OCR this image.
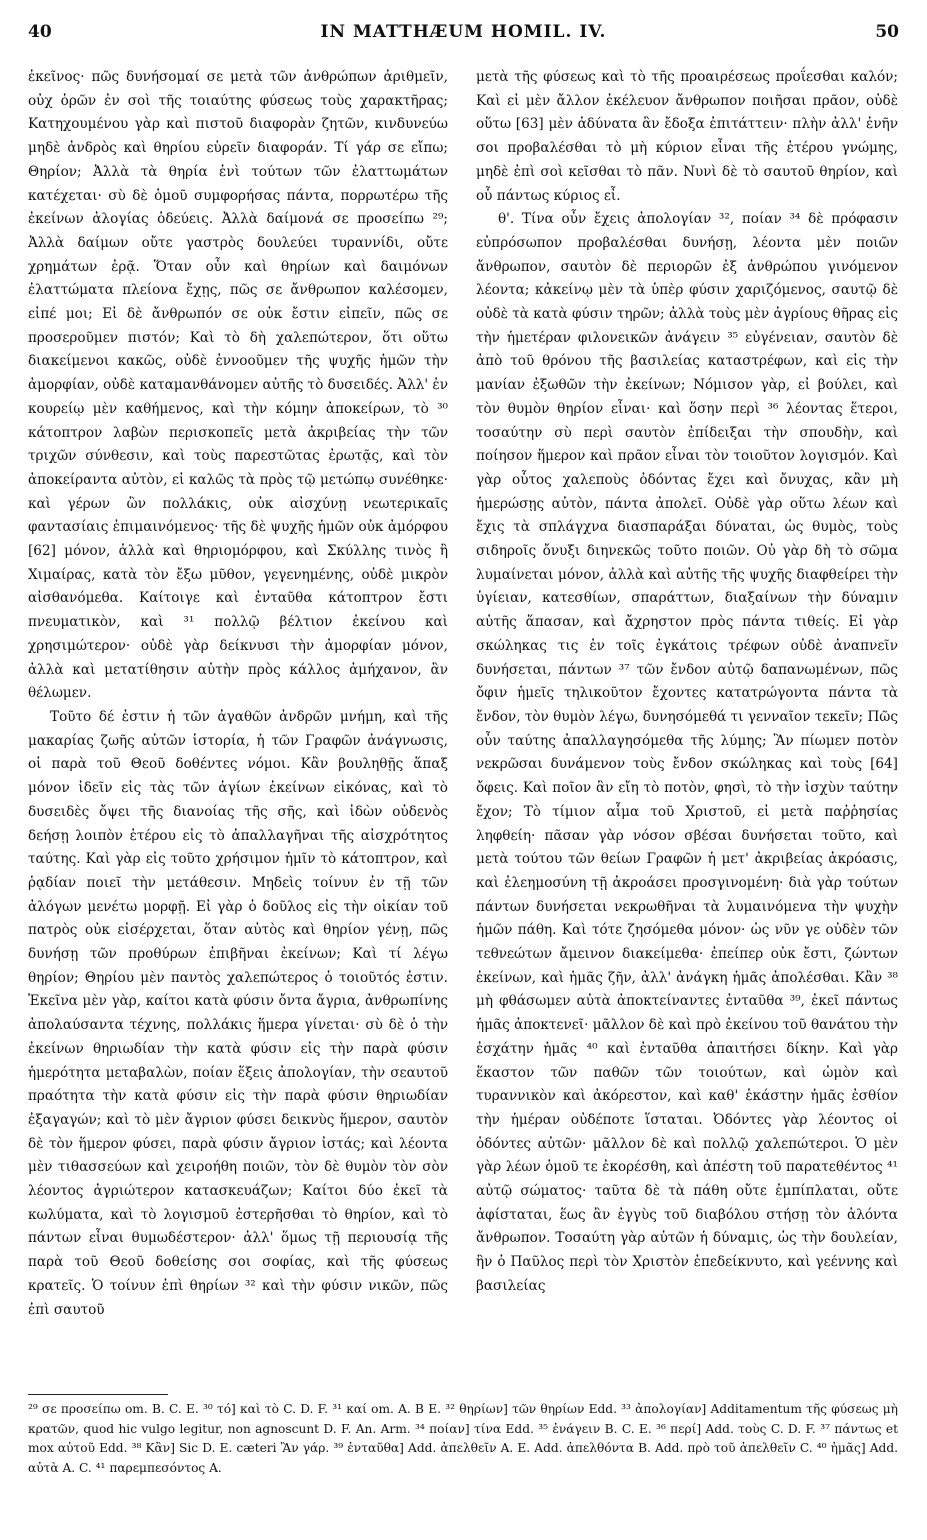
40	IN MATTHÆUM HOMIL. IV.	50

ἐκεῖνος· πῶς δυνήσομαί σε μετὰ τῶν ἀνθρώπων ἀριθμεῖν, οὐχ ὁρῶν ἐν σοὶ τῆς τοιαύτης φύσεως τοὺς χαρακτῆρας; Κατηχουμένου γὰρ καὶ πιστοῦ διαφορὰν ζητῶν, κινδυνεύω μηδὲ ἀνδρὸς καὶ θηρίου εὑρεῖν διαφοράν. Τί γάρ σε εἴπω; Θηρίον; Ἀλλὰ τὰ θηρία ἑνὶ τούτων τῶν ἐλαττωμάτων κατέχεται· σὺ δὲ ὁμοῦ συμφορήσας πάντα, πορρωτέρω τῆς ἐκείνων ἀλογίας ὁδεύεις. Ἀλλὰ δαίμονά σε προσείπω ²⁹; Ἀλλὰ δαίμων οὔτε γαστρὸς δουλεύει τυραννίδι, οὔτε χρημάτων ἐρᾷ. Ὅταν οὖν καὶ θηρίων καὶ δαιμόνων ἐλαττώματα πλείονα ἔχῃς, πῶς σε ἄνθρωπον καλέσομεν, εἰπέ μοι; Εἰ δὲ ἄνθρωπόν σε οὐκ ἔστιν εἰπεῖν, πῶς σε προσεροῦμεν πιστόν; Καὶ τὸ δὴ χαλεπώτερον, ὅτι οὕτω διακείμενοι κακῶς, οὐδὲ ἐννοοῦμεν τῆς ψυχῆς ἡμῶν τὴν ἀμορφίαν, οὐδὲ καταμανθάνομεν αὐτῆς τὸ δυσειδές. Ἀλλ' ἐν κουρείῳ μὲν καθήμενος, καὶ τὴν κόμην ἀποκείρων, τὸ ³⁰ κάτοπτρον λαβὼν περισκοπεῖς μετὰ ἀκριβείας τὴν τῶν τριχῶν σύνθεσιν, καὶ τοὺς παρεστῶτας ἐρωτᾷς, καὶ τὸν ἀποκείραντα αὐτὸν, εἰ καλῶς τὰ πρὸς τῷ μετώπῳ συνέθηκε· καὶ γέρων ὢν πολλάκις, οὐκ αἰσχύνῃ νεωτερικαῖς φαντασίαις ἐπιμαινόμενος· τῆς δὲ ψυχῆς ἡμῶν οὐκ ἀμόρφου [62] μόνον, ἀλλὰ καὶ θηριομόρφου, καὶ Σκύλλης τινὸς ἢ Χιμαίρας, κατὰ τὸν ἔξω μῦθον, γεγενημένης, οὐδὲ μικρὸν αἰσθανόμεθα. Καίτοιγε καὶ ἐνταῦθα κάτοπτρον ἔστι πνευματικὸν, καὶ ³¹ πολλῷ βέλτιον ἐκείνου καὶ χρησιμώτερον· οὐδὲ γὰρ δείκνυσι τὴν ἀμορφίαν μόνον, ἀλλὰ καὶ μετατίθησιν αὐτὴν πρὸς κάλλος ἀμήχανον, ἂν θέλωμεν.

Τοῦτο δέ ἐστιν ἡ τῶν ἀγαθῶν ἀνδρῶν μνήμη, καὶ τῆς μακαρίας ζωῆς αὐτῶν ἱστορία, ἡ τῶν Γραφῶν ἀνάγνωσις, οἱ παρὰ τοῦ Θεοῦ δοθέντες νόμοι. Κἂν βουληθῇς ἅπαξ μόνον ἰδεῖν εἰς τὰς τῶν ἁγίων ἐκείνων εἰκόνας, καὶ τὸ δυσειδὲς ὄψει τῆς διανοίας τῆς σῆς, καὶ ἰδὼν οὐδενὸς δεήσῃ λοιπὸν ἑτέρου εἰς τὸ ἀπαλλαγῆναι τῆς αἰσχρότητος ταύτης. Καὶ γὰρ εἰς τοῦτο χρήσιμον ἡμῖν τὸ κάτοπτρον, καὶ ῥᾳδίαν ποιεῖ τὴν μετάθεσιν. Μηδεὶς τοίνυν ἐν τῇ τῶν ἀλόγων μενέτω μορφῇ. Εἰ γὰρ ὁ δοῦλος εἰς τὴν οἰκίαν τοῦ πατρὸς οὐκ εἰσέρχεται, ὅταν αὐτὸς καὶ θηρίον γένῃ, πῶς δυνήσῃ τῶν προθύρων ἐπιβῆναι ἐκείνων; Καὶ τί λέγω θηρίον; Θηρίου μὲν παντὸς χαλεπώτερος ὁ τοιοῦτός ἐστιν. Ἐκεῖνα μὲν γὰρ, καίτοι κατὰ φύσιν ὄντα ἄγρια, ἀνθρωπίνης ἀπολαύσαντα τέχνης, πολλάκις ἥμερα γίνεται· σὺ δὲ ὁ τὴν ἐκείνων θηριωδίαν τὴν κατὰ φύσιν εἰς τὴν παρὰ φύσιν ἡμερότητα μεταβαλὼν, ποίαν ἕξεις ἀπολογίαν, τὴν σεαυτοῦ πραότητα τὴν κατὰ φύσιν εἰς τὴν παρὰ φύσιν θηριωδίαν ἐξαγαγών; καὶ τὸ μὲν ἄγριον φύσει δεικνὺς ἥμερον, σαυτὸν δὲ τὸν ἥμερον φύσει, παρὰ φύσιν ἄγριον ἰστάς; καὶ λέοντα μὲν τιθασσεύων καὶ χειροήθη ποιῶν, τὸν δὲ θυμὸν τὸν σὸν λέοντος ἀγριώτερον κατασκευάζων; Καίτοι δύο ἐκεῖ τὰ κωλύματα, καὶ τὸ λογισμοῦ ἐστερῆσθαι τὸ θηρίον, καὶ τὸ πάντων εἶναι θυμωδέστερον· ἀλλ' ὅμως τῇ περιουσίᾳ τῆς παρὰ τοῦ Θεοῦ δοθείσης σοι σοφίας, καὶ τῆς φύσεως κρατεῖς. Ὁ τοίνυν ἐπὶ θηρίων ³² καὶ τὴν φύσιν νικῶν, πῶς ἐπὶ σαυτοῦ

μετὰ τῆς φύσεως καὶ τὸ τῆς προαιρέσεως προΐεσθαι καλόν; Καὶ εἰ μὲν ἄλλον ἐκέλευον ἄνθρωπον ποιῆσαι πρᾶον, οὐδὲ οὕτω [63] μὲν ἀδύνατα ἂν ἔδοξα ἐπιτάττειν· πλὴν ἀλλ' ἐνῆν σοι προβαλέσθαι τὸ μὴ κύριον εἶναι τῆς ἑτέρου γνώμης, μηδὲ ἐπὶ σοὶ κεῖσθαι τὸ πᾶν. Νυνὶ δὲ τὸ σαυτοῦ θηρίον, καὶ οὗ πάντως κύριος εἶ.

θ'. Τίνα οὖν ἔχεις ἀπολογίαν ³², ποίαν ³⁴ δὲ πρόφασιν εὐπρόσωπον προβαλέσθαι δυνήσῃ, λέοντα μὲν ποιῶν ἄνθρωπον, σαυτὸν δὲ περιορῶν ἐξ ἀνθρώπου γινόμενον λέοντα; κἀκείνῳ μὲν τὰ ὑπὲρ φύσιν χαριζόμενος, σαυτῷ δὲ οὐδὲ τὰ κατὰ φύσιν τηρῶν; ἀλλὰ τοὺς μὲν ἀγρίους θῆρας εἰς τὴν ἡμετέραν φιλονεικῶν ἀνάγειν ³⁵ εὐγένειαν, σαυτὸν δὲ ἀπὸ τοῦ θρόνου τῆς βασιλείας καταστρέφων, καὶ εἰς τὴν μανίαν ἐξωθῶν τὴν ἐκείνων; Νόμισον γὰρ, εἰ βούλει, καὶ τὸν θυμὸν θηρίον εἶναι· καὶ ὅσην περὶ ³⁶ λέοντας ἕτεροι, τοσαύτην σὺ περὶ σαυτὸν ἐπίδειξαι τὴν σπουδὴν, καὶ ποίησον ἥμερον καὶ πρᾶον εἶναι τὸν τοιοῦτον λογισμόν. Καὶ γὰρ οὗτος χαλεποὺς ὀδόντας ἔχει καὶ ὄνυχας, κἂν μὴ ἡμερώσῃς αὐτὸν, πάντα ἀπολεῖ. Οὐδὲ γὰρ οὕτω λέων καὶ ἔχις τὰ σπλάγχνα διασπαράξαι δύναται, ὡς θυμὸς, τοὺς σιδηροῖς ὄνυξι διηνεκῶς τοῦτο ποιῶν. Οὐ γὰρ δὴ τὸ σῶμα λυμαίνεται μόνον, ἀλλὰ καὶ αὐτῆς τῆς ψυχῆς διαφθείρει τὴν ὑγίειαν, κατεσθίων, σπαράττων, διαξαίνων τὴν δύναμιν αὐτῆς ἅπασαν, καὶ ἄχρηστον πρὸς πάντα τιθείς. Εἰ γὰρ σκώληκας τις ἐν τοῖς ἐγκάτοις τρέφων οὐδὲ ἀναπνεῖν δυνήσεται, πάντων ³⁷ τῶν ἔνδον αὐτῷ δαπανωμένων, πῶς ὄφιν ἡμεῖς τηλικοῦτον ἔχοντες κατατρώγοντα πάντα τὰ ἔνδον, τὸν θυμὸν λέγω, δυνησόμεθά τι γενναῖον τεκεῖν; Πῶς οὖν ταύτης ἀπαλλαγησόμεθα τῆς λύμης; Ἂν πίωμεν ποτὸν νεκρῶσαι δυνάμενον τοὺς ἔνδον σκώληκας καὶ τοὺς [64] ὄφεις. Καὶ ποῖον ἂν εἴη τὸ ποτὸν, φησὶ, τὸ τὴν ἰσχὺν ταύτην ἔχον; Τὸ τίμιον αἷμα τοῦ Χριστοῦ, εἰ μετὰ παῤῥησίας ληφθείη· πᾶσαν γὰρ νόσον σβέσαι δυνήσεται τοῦτο, καὶ μετὰ τούτου τῶν θείων Γραφῶν ἡ μετ' ἀκριβείας ἀκρόασις, καὶ ἐλεημοσύνη τῇ ἀκροάσει προσγινομένη· διὰ γὰρ τούτων πάντων δυνήσεται νεκρωθῆναι τὰ λυμαινόμενα τὴν ψυχὴν ἡμῶν πάθη. Καὶ τότε ζησόμεθα μόνον· ὡς νῦν γε οὐδὲν τῶν τεθνεώτων ἄμεινον διακείμεθα· ἐπείπερ οὐκ ἔστι, ζώντων ἐκείνων, καὶ ἡμᾶς ζῆν, ἀλλ' ἀνάγκη ἡμᾶς ἀπολέσθαι. Κἂν ³⁸ μὴ φθάσωμεν αὐτὰ ἀποκτείναντες ἐνταῦθα ³⁹, ἐκεῖ πάντως ἡμᾶς ἀποκτενεῖ· μᾶλλον δὲ καὶ πρὸ ἐκείνου τοῦ θανάτου τὴν ἐσχάτην ἡμᾶς ⁴⁰ καὶ ἐνταῦθα ἀπαιτήσει δίκην. Καὶ γὰρ ἕκαστον τῶν παθῶν τῶν τοιούτων, καὶ ὠμὸν καὶ τυραννικὸν καὶ ἀκόρεστον, καὶ καθ' ἑκάστην ἡμᾶς ἐσθίον τὴν ἡμέραν οὐδέποτε ἵσταται. Ὀδόντες γὰρ λέοντος οἱ ὀδόντες αὐτῶν· μᾶλλον δὲ καὶ πολλῷ χαλεπώτεροι. Ὁ μὲν γὰρ λέων ὁμοῦ τε ἐκορέσθη, καὶ ἀπέστη τοῦ παρατεθέντος ⁴¹ αὐτῷ σώματος· ταῦτα δὲ τὰ πάθη οὔτε ἐμπίπλαται, οὔτε ἀφίσταται, ἕως ἂν ἐγγὺς τοῦ διαβόλου στήσῃ τὸν ἁλόντα ἄνθρωπον. Τοσαύτη γὰρ αὐτῶν ἡ δύναμις, ὡς τὴν δουλείαν, ἣν ὁ Παῦλος περὶ τὸν Χριστὸν ἐπεδείκνυτο, καὶ γεέννης καὶ βασιλείας

²⁹ σε προσείπω om. B. C. E. ³⁰ τό] καὶ τὸ C. D. F. ³¹ καί om. A. B E. ³² θηρίων] τῶν θηρίων Edd. ³³ ἀπολογίαν] Additamentum τῆς φύσεως μὴ κρατῶν, quod hic vulgo legitur, non agnoscunt D. F. An. Arm. ³⁴ ποίαν] τίνα Edd. ³⁵ ἐνάγειν B. C. E. ³⁶ περί] Add. τοὺς C. D. F. ³⁷ πάντως et mox αὐτοῦ Edd. ³⁸ Κἂν] Sic D. E. cæteri Ἂν γάρ. ³⁹ ἐνταῦθα] Add. ἀπελθεῖν A. E. Add. ἀπελθόντα B. Add. πρὸ τοῦ ἀπελθεῖν C. ⁴⁰ ἡμᾶς] Add. αὐτὰ A. C. ⁴¹ παρεμπεσόντος A.
